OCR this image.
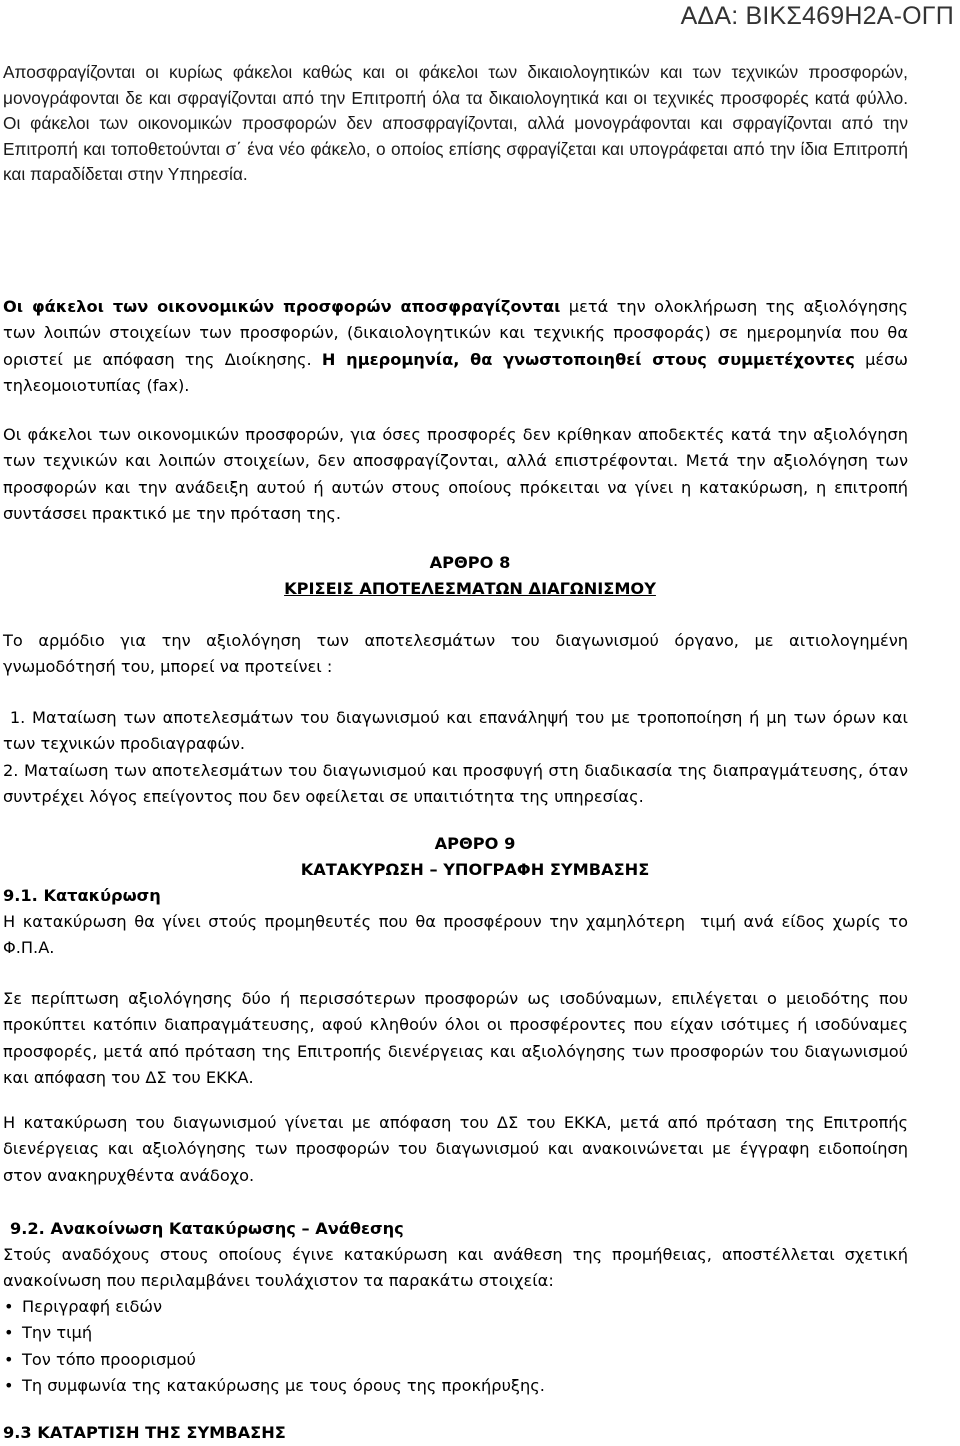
ΑΔΑ: ΒΙΚΣ469Η2Α-ΟΓΠ

Αποσφραγίζονται οι κυρίως φάκελοι καθώς και οι φάκελοι των δικαιολογητικών και των τεχνικών προσφορών, μονογράφονται δε και σφραγίζονται από την Επιτροπή όλα τα δικαιολογητικά και οι τεχνικές προσφορές κατά φύλλο. Οι φάκελοι των οικονομικών προσφορών δεν αποσφραγίζονται, αλλά μονογράφονται και σφραγίζονται από την Επιτροπή και τοποθετούνται σ΄ ένα νέο φάκελο, ο οποίος επίσης σφραγίζεται και υπογράφεται από την ίδια Επιτροπή και παραδίδεται στην Υπηρεσία.

Οι φάκελοι των οικονομικών προσφορών αποσφραγίζονται μετά την ολοκλήρωση της αξιολόγησης των λοιπών στοιχείων των προσφορών, (δικαιολογητικών και τεχνικής προσφοράς) σε ημερομηνία που θα οριστεί με απόφαση της Διοίκησης. Η ημερομηνία, θα γνωστοποιηθεί στους συμμετέχοντες μέσω τηλεομοιοτυπίας (fax).

Οι φάκελοι των οικονομικών προσφορών, για όσες προσφορές δεν κρίθηκαν αποδεκτές κατά την αξιολόγηση των τεχνικών και λοιπών στοιχείων, δεν αποσφραγίζονται, αλλά επιστρέφονται. Μετά την αξιολόγηση των προσφορών και την ανάδειξη αυτού ή αυτών στους οποίους πρόκειται να γίνει η κατακύρωση, η επιτροπή συντάσσει πρακτικό με την πρόταση της.

ΑΡΘΡΟ 8
ΚΡΙΣΕΙΣ ΑΠΟΤΕΛΕΣΜΑΤΩΝ ΔΙΑΓΩΝΙΣΜΟΥ

Το αρμόδιο για την αξιολόγηση των αποτελεσμάτων του διαγωνισμού όργανο, με αιτιολογημένη γνωμοδότησή του, μπορεί να προτείνει :

1. Ματαίωση των αποτελεσμάτων του διαγωνισμού και επανάληψή του με τροποποίηση ή μη των όρων και των τεχνικών προδιαγραφών.

2. Ματαίωση των αποτελεσμάτων του διαγωνισμού και προσφυγή στη διαδικασία της διαπραγμάτευσης, όταν συντρέχει λόγος επείγοντος που δεν οφείλεται σε υπαιτιότητα της υπηρεσίας.

ΑΡΘΡΟ 9
ΚΑΤΑΚΥΡΩΣΗ – ΥΠΟΓΡΑΦΗ ΣΥΜΒΑΣΗΣ
9.1. Κατακύρωση

Η κατακύρωση θα γίνει στούς προμηθευτές που θα προσφέρουν την χαμηλότερη  τιμή ανά είδος χωρίς το Φ.Π.Α.

Σε περίπτωση αξιολόγησης δύο ή περισσότερων προσφορών ως ισοδύναμων, επιλέγεται ο μειοδότης που προκύπτει κατόπιν διαπραγμάτευσης, αφού κληθούν όλοι οι προσφέροντες που είχαν ισότιμες ή ισοδύναμες προσφορές, μετά από πρόταση της Επιτροπής διενέργειας και αξιολόγησης των προσφορών του διαγωνισμού και απόφαση του ΔΣ του ΕΚΚΑ.

Η κατακύρωση του διαγωνισμού γίνεται με απόφαση του ΔΣ του ΕΚΚΑ, μετά από πρόταση της Επιτροπής διενέργειας και αξιολόγησης των προσφορών του διαγωνισμού και ανακοινώνεται με έγγραφη ειδοποίηση στον ανακηρυχθέντα ανάδοχο.

9.2. Ανακοίνωση Κατακύρωσης – Ανάθεσης

Στούς αναδόχους στους οποίους έγινε κατακύρωση και ανάθεση της προμήθειας, αποστέλλεται σχετική ανακοίνωση που περιλαμβάνει τουλάχιστον τα παρακάτω στοιχεία:

• Περιγραφή ειδών
• Την τιμή
• Τον τόπο προορισμού
• Τη συμφωνία της κατακύρωσης με τους όρους της προκήρυξης.
9.3 ΚΑΤΑΡΤΙΣΗ ΤΗΣ ΣΥΜΒΑΣΗΣ
